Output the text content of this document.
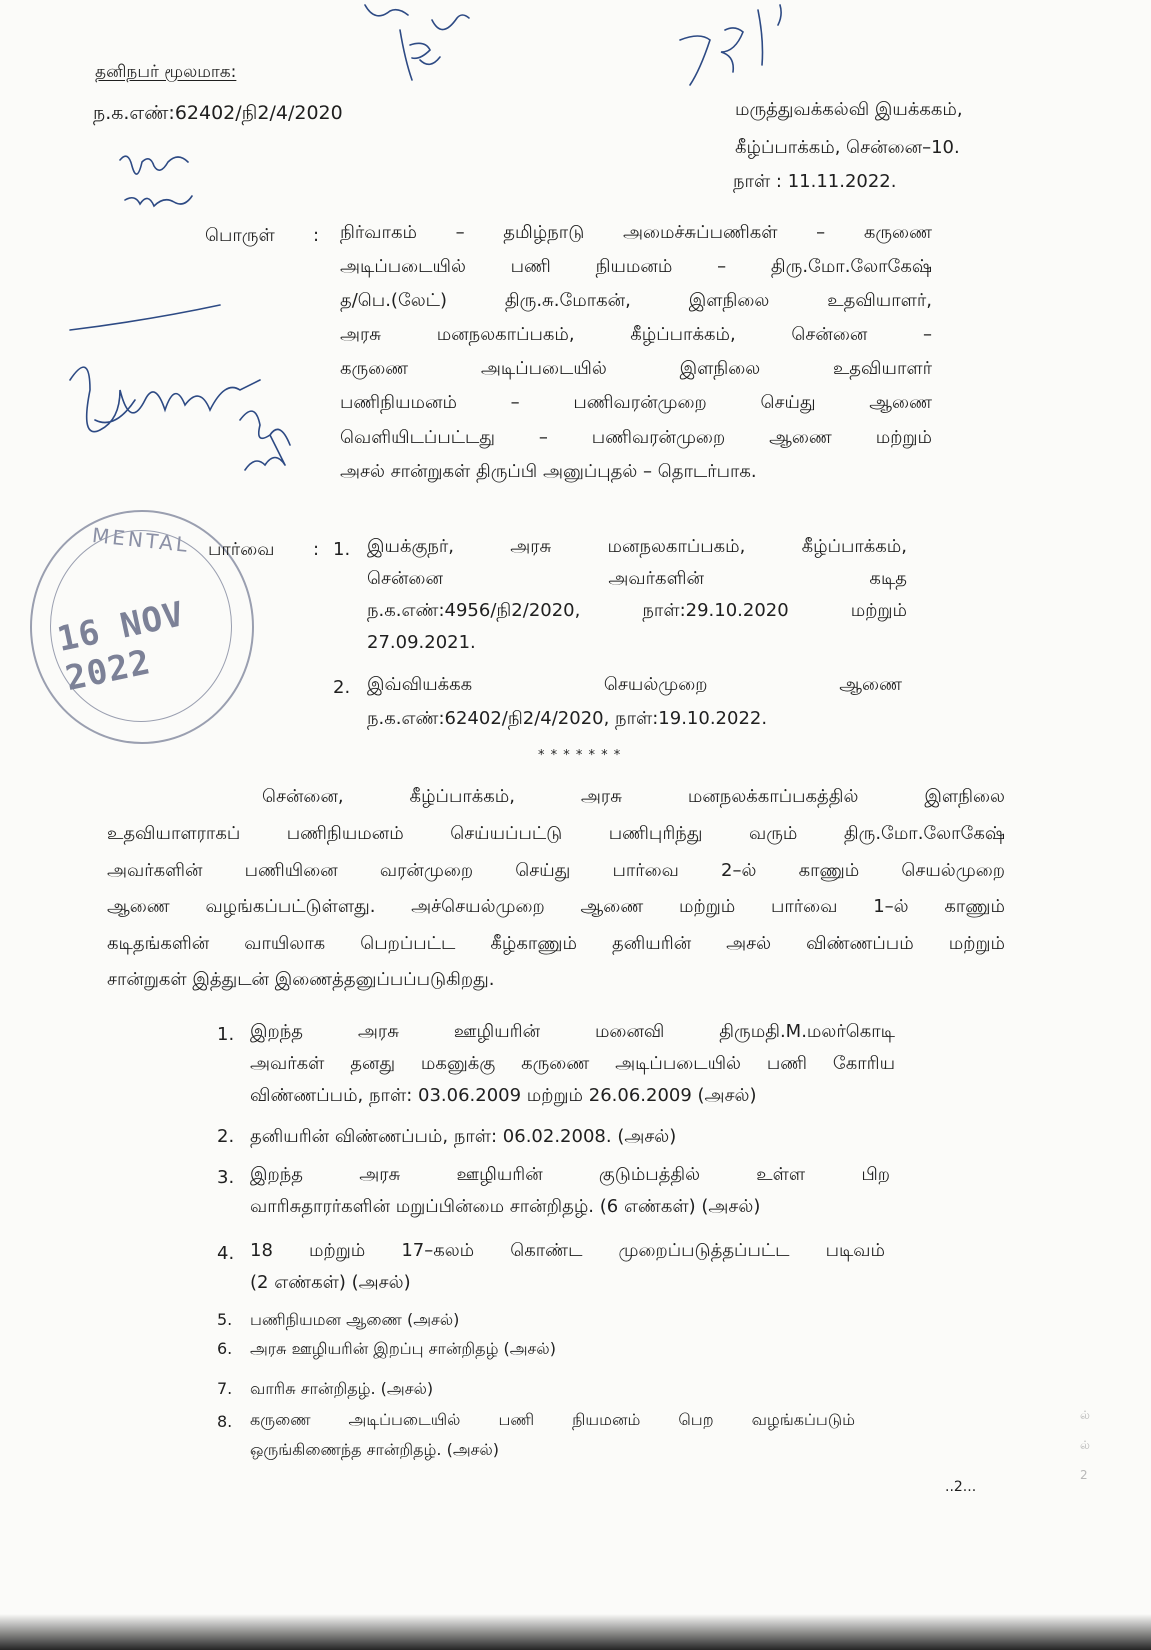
தனிநபர் மூலமாக:
ந.க.எண்:62402/நி2/4/2020	மருத்துவக்கல்வி இயக்ககம்,
கீழ்ப்பாக்கம், சென்னை–10.
நாள் : 11.11.2022.
MENTAL
16 NOV 2022
பொருள் : நிர்வாகம் – தமிழ்நாடு அமைச்சுப்பணிகள் – கருணை
அடிப்படையில் பணி நியமனம் – திரு.மோ.லோகேஷ்
த/பெ.(லேட்) திரு.சு.மோகன், இளநிலை உதவியாளர்,
அரசு மனநலகாப்பகம், கீழ்ப்பாக்கம், சென்னை –
கருணை அடிப்படையில் இளநிலை உதவியாளர்
பணிநியமனம் – பணிவரன்முறை செய்து ஆணை
வெளியிடப்பட்டது – பணிவரன்முறை ஆணை மற்றும்
அசல் சான்றுகள் திருப்பி அனுப்புதல் – தொடர்பாக.
பார்வை : 1. இயக்குநர், அரசு மனநலகாப்பகம், கீழ்ப்பாக்கம்,
சென்னை அவர்களின் கடித
ந.க.எண்:4956/நி2/2020, நாள்:29.10.2020 மற்றும்
27.09.2021.
2. இவ்வியக்கக செயல்முறை ஆணை
ந.க.எண்:62402/நி2/4/2020, நாள்:19.10.2022.
* * * * * * *
சென்னை, கீழ்ப்பாக்கம், அரசு மனநலக்காப்பகத்தில் இளநிலை
உதவியாளராகப் பணிநியமனம் செய்யப்பட்டு பணிபுரிந்து வரும் திரு.மோ.லோகேஷ்
அவர்களின் பணியினை வரன்முறை செய்து பார்வை 2–ல் காணும் செயல்முறை
ஆணை வழங்கப்பட்டுள்ளது. அச்செயல்முறை ஆணை மற்றும் பார்வை 1–ல் காணும்
கடிதங்களின் வாயிலாக பெறப்பட்ட கீழ்காணும் தனியரின் அசல் விண்ணப்பம் மற்றும்
சான்றுகள் இத்துடன் இணைத்தனுப்பப்படுகிறது.
1. இறந்த அரசு ஊழியரின் மனைவி திருமதி.M.மலர்கொடி
அவர்கள் தனது மகனுக்கு கருணை அடிப்படையில் பணி கோரிய
விண்ணப்பம், நாள்: 03.06.2009 மற்றும் 26.06.2009 (அசல்)
2. தனியரின் விண்ணப்பம், நாள்: 06.02.2008. (அசல்)
3. இறந்த அரசு ஊழியரின் குடும்பத்தில் உள்ள பிற
வாரிசுதாரர்களின் மறுப்பின்மை சான்றிதழ். (6 எண்கள்) (அசல்)
4. 18 மற்றும் 17–கலம் கொண்ட முறைப்படுத்தப்பட்ட படிவம்
(2 எண்கள்) (அசல்)
5. பணிநியமன ஆணை (அசல்)
6. அரசு ஊழியரின் இறப்பு சான்றிதழ் (அசல்)
7. வாரிசு சான்றிதழ். (அசல்)
8. கருணை அடிப்படையில் பணி நியமனம் பெற வழங்கப்படும்
ஒருங்கிணைந்த சான்றிதழ். (அசல்)
..2...
ல்
ல்
2
